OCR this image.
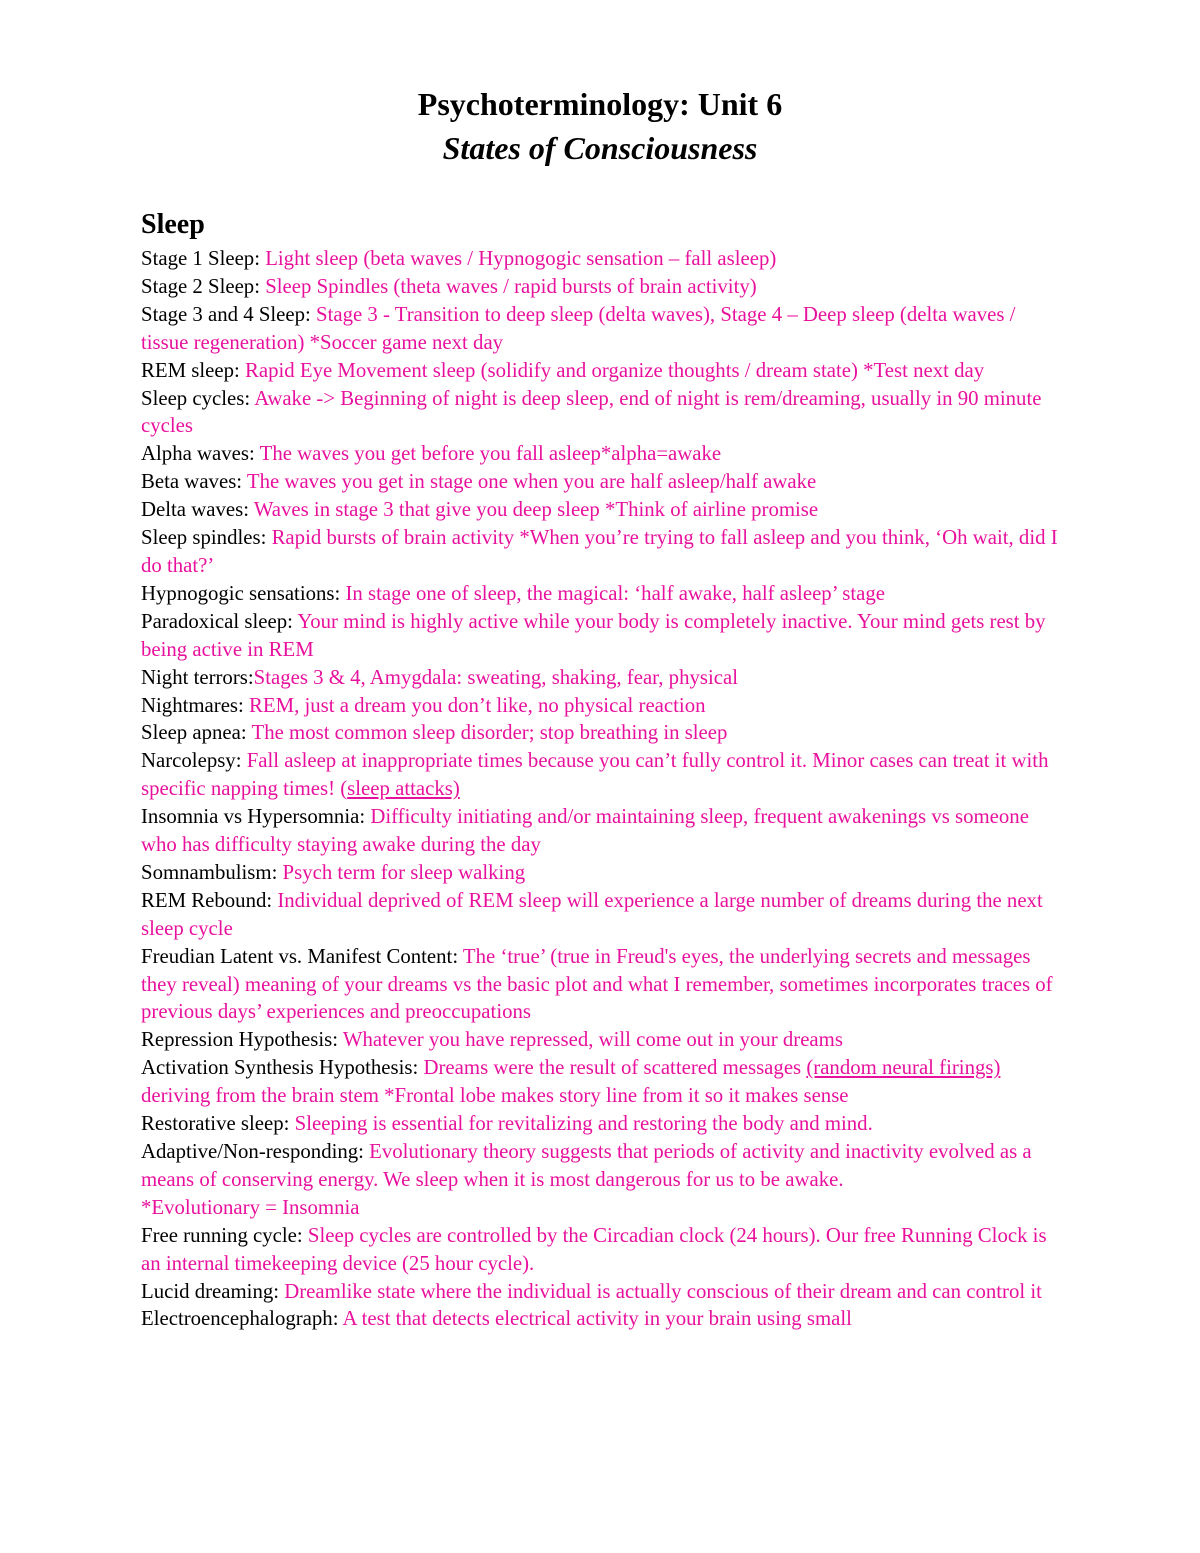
Psychoterminology: Unit 6
States of Consciousness
Sleep

Stage 1 Sleep: Light sleep (beta waves / Hypnogogic sensation – fall asleep)

Stage 2 Sleep: Sleep Spindles (theta waves / rapid bursts of brain activity)

Stage 3 and 4 Sleep: Stage 3 - Transition to deep sleep (delta waves), Stage 4 – Deep sleep (delta waves / tissue regeneration) *Soccer game next day

REM sleep: Rapid Eye Movement sleep (solidify and organize thoughts / dream state) *Test next day

Sleep cycles: Awake -> Beginning of night is deep sleep, end of night is rem/dreaming, usually in 90 minute cycles

Alpha waves: The waves you get before you fall asleep*alpha=awake

Beta waves: The waves you get in stage one when you are half asleep/half awake

Delta waves: Waves in stage 3 that give you deep sleep *Think of airline promise

Sleep spindles: Rapid bursts of brain activity *When you’re trying to fall asleep and you think, ‘Oh wait, did I do that?’

Hypnogogic sensations: In stage one of sleep, the magical: ‘half awake, half asleep’ stage

Paradoxical sleep: Your mind is highly active while your body is completely inactive. Your mind gets rest by being active in REM

Night terrors:Stages 3 & 4, Amygdala: sweating, shaking, fear, physical

Nightmares: REM, just a dream you don’t like, no physical reaction

Sleep apnea: The most common sleep disorder; stop breathing in sleep

Narcolepsy: Fall asleep at inappropriate times because you can’t fully control it. Minor cases can treat it with specific napping times! (sleep attacks)

Insomnia vs Hypersomnia: Difficulty initiating and/or maintaining sleep, frequent awakenings vs someone who has difficulty staying awake during the day

Somnambulism: Psych term for sleep walking

REM Rebound: Individual deprived of REM sleep will experience a large number of dreams during the next sleep cycle

Freudian Latent vs. Manifest Content: The ‘true’ (true in Freud's eyes, the underlying secrets and messages they reveal) meaning of your dreams vs the basic plot and what I remember, sometimes incorporates traces of previous days’ experiences and preoccupations

Repression Hypothesis: Whatever you have repressed, will come out in your dreams

Activation Synthesis Hypothesis: Dreams were the result of scattered messages (random neural firings) deriving from the brain stem *Frontal lobe makes story line from it so it makes sense

Restorative sleep: Sleeping is essential for revitalizing and restoring the body and mind.

Adaptive/Non-responding: Evolutionary theory suggests that periods of activity and inactivity evolved as a means of conserving energy. We sleep when it is most dangerous for us to be awake.

*Evolutionary = Insomnia

Free running cycle: Sleep cycles are controlled by the Circadian clock (24 hours). Our free Running Clock is an internal timekeeping device (25 hour cycle).

Lucid dreaming: Dreamlike state where the individual is actually conscious of their dream and can control it

Electroencephalograph: A test that detects electrical activity in your brain using small
